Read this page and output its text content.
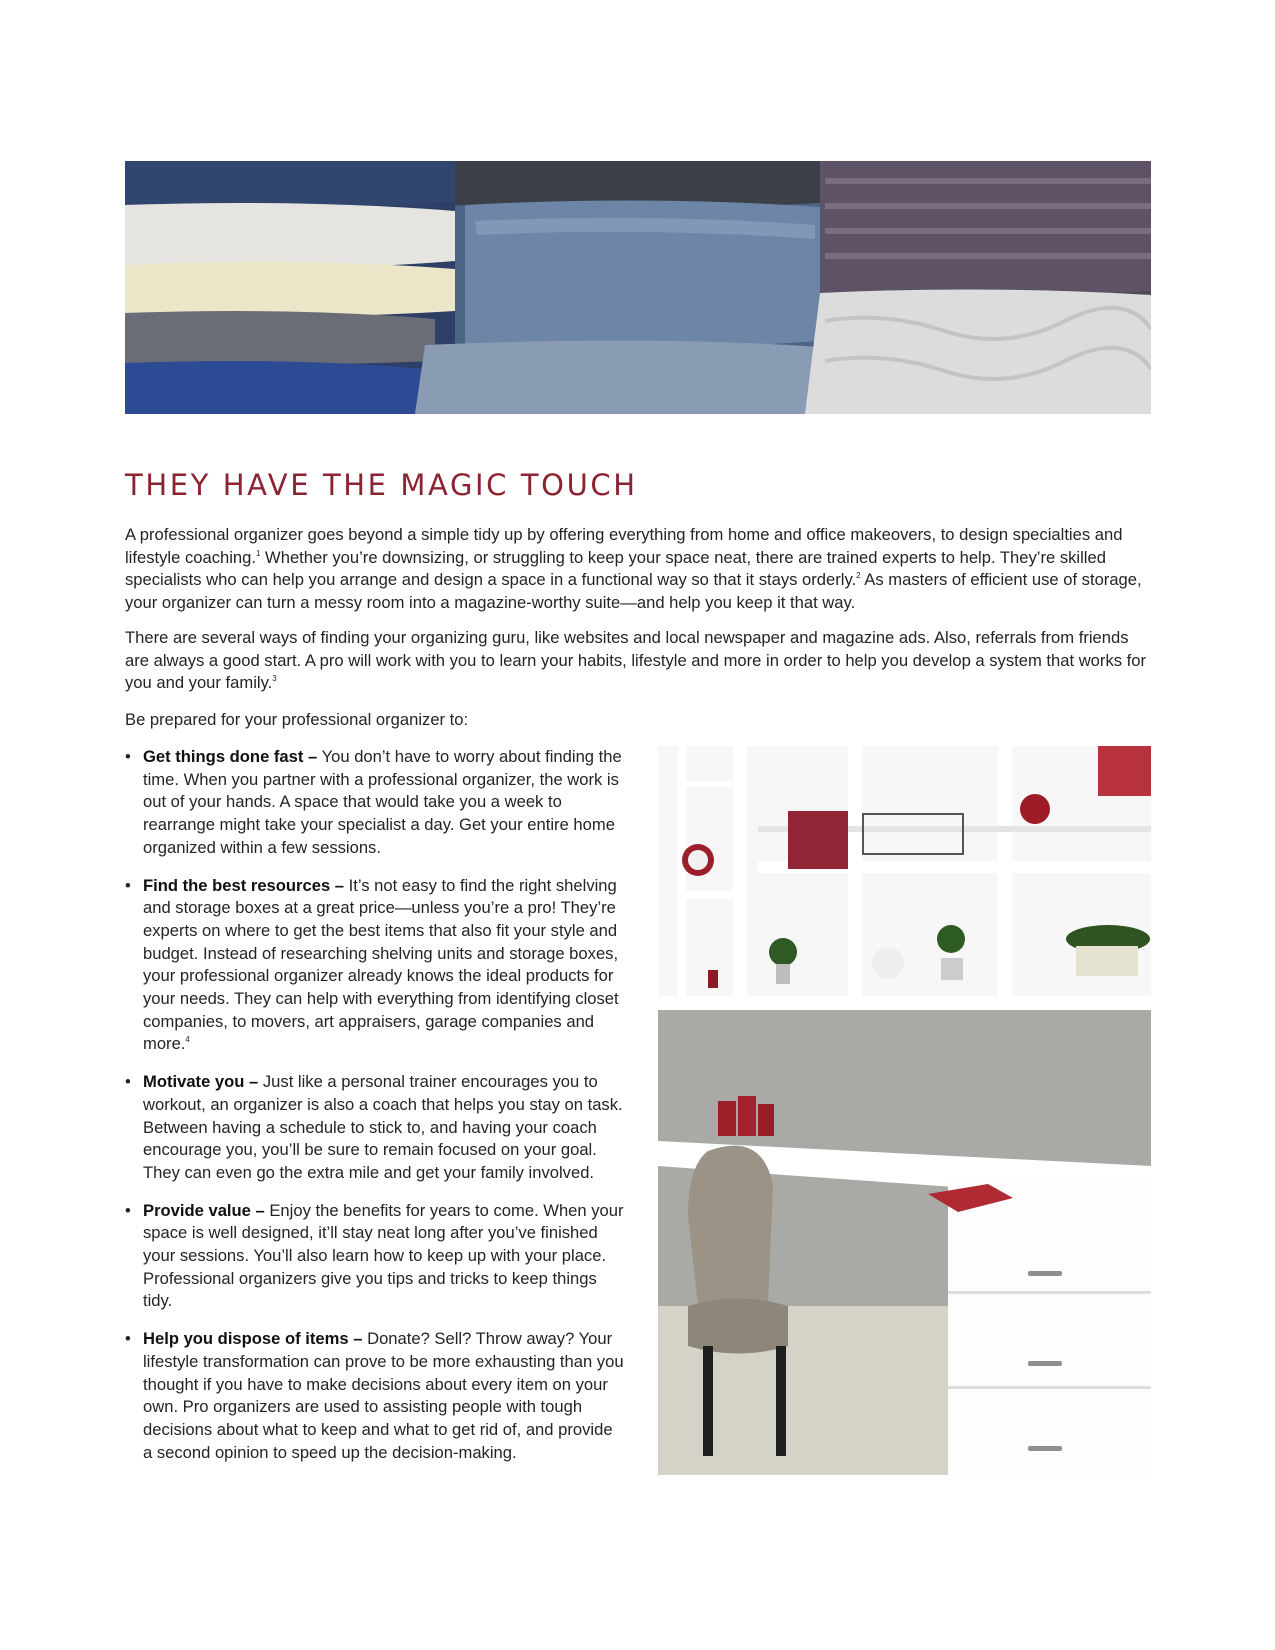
THEY HAVE THE MAGIC TOUCH

A professional organizer goes beyond a simple tidy up by offering everything from home and office makeovers, to design specialties and lifestyle coaching.$^1$ Whether you’re downsizing, or struggling to keep your space neat, there are trained experts to help. They’re skilled specialists who can help you arrange and design a space in a functional way so that it stays orderly.$^2$ As masters of efficient use of storage, your organizer can turn a messy room into a magazine-worthy suite—and help you keep it that way.

There are several ways of finding your organizing guru, like websites and local newspaper and magazine ads. Also, referrals from friends are always a good start. A pro will work with you to learn your habits, lifestyle and more in order to help you develop a system that works for you and your family.$^3$

Be prepared for your professional organizer to:

• Get things done fast – You don’t have to worry about finding the time. When you partner with a professional organizer, the work is out of your hands. A space that would take you a week to rearrange might take your specialist a day. Get your entire home organized within a few sessions.
• Find the best resources – It’s not easy to find the right shelving and storage boxes at a great price—unless you’re a pro! They’re experts on where to get the best items that also fit your style and budget. Instead of researching shelving units and storage boxes, your professional organizer already knows the ideal products for your needs. They can help with everything from identifying closet companies, to movers, art appraisers, garage companies and more.$^4$
• Motivate you – Just like a personal trainer encourages you to workout, an organizer is also a coach that helps you stay on task. Between having a schedule to stick to, and having your coach encourage you, you’ll be sure to remain focused on your goal. They can even go the extra mile and get your family involved.
• Provide value – Enjoy the benefits for years to come. When your space is well designed, it’ll stay neat long after you’ve finished your sessions. You’ll also learn how to keep up with your place. Professional organizers give you tips and tricks to keep things tidy.
• Help you dispose of items – Donate? Sell? Throw away? Your lifestyle transformation can prove to be more exhausting than you thought if you have to make decisions about every item on your own. Pro organizers are used to assisting people with tough decisions about what to keep and what to get rid of, and provide a second opinion to speed up the decision-making.
